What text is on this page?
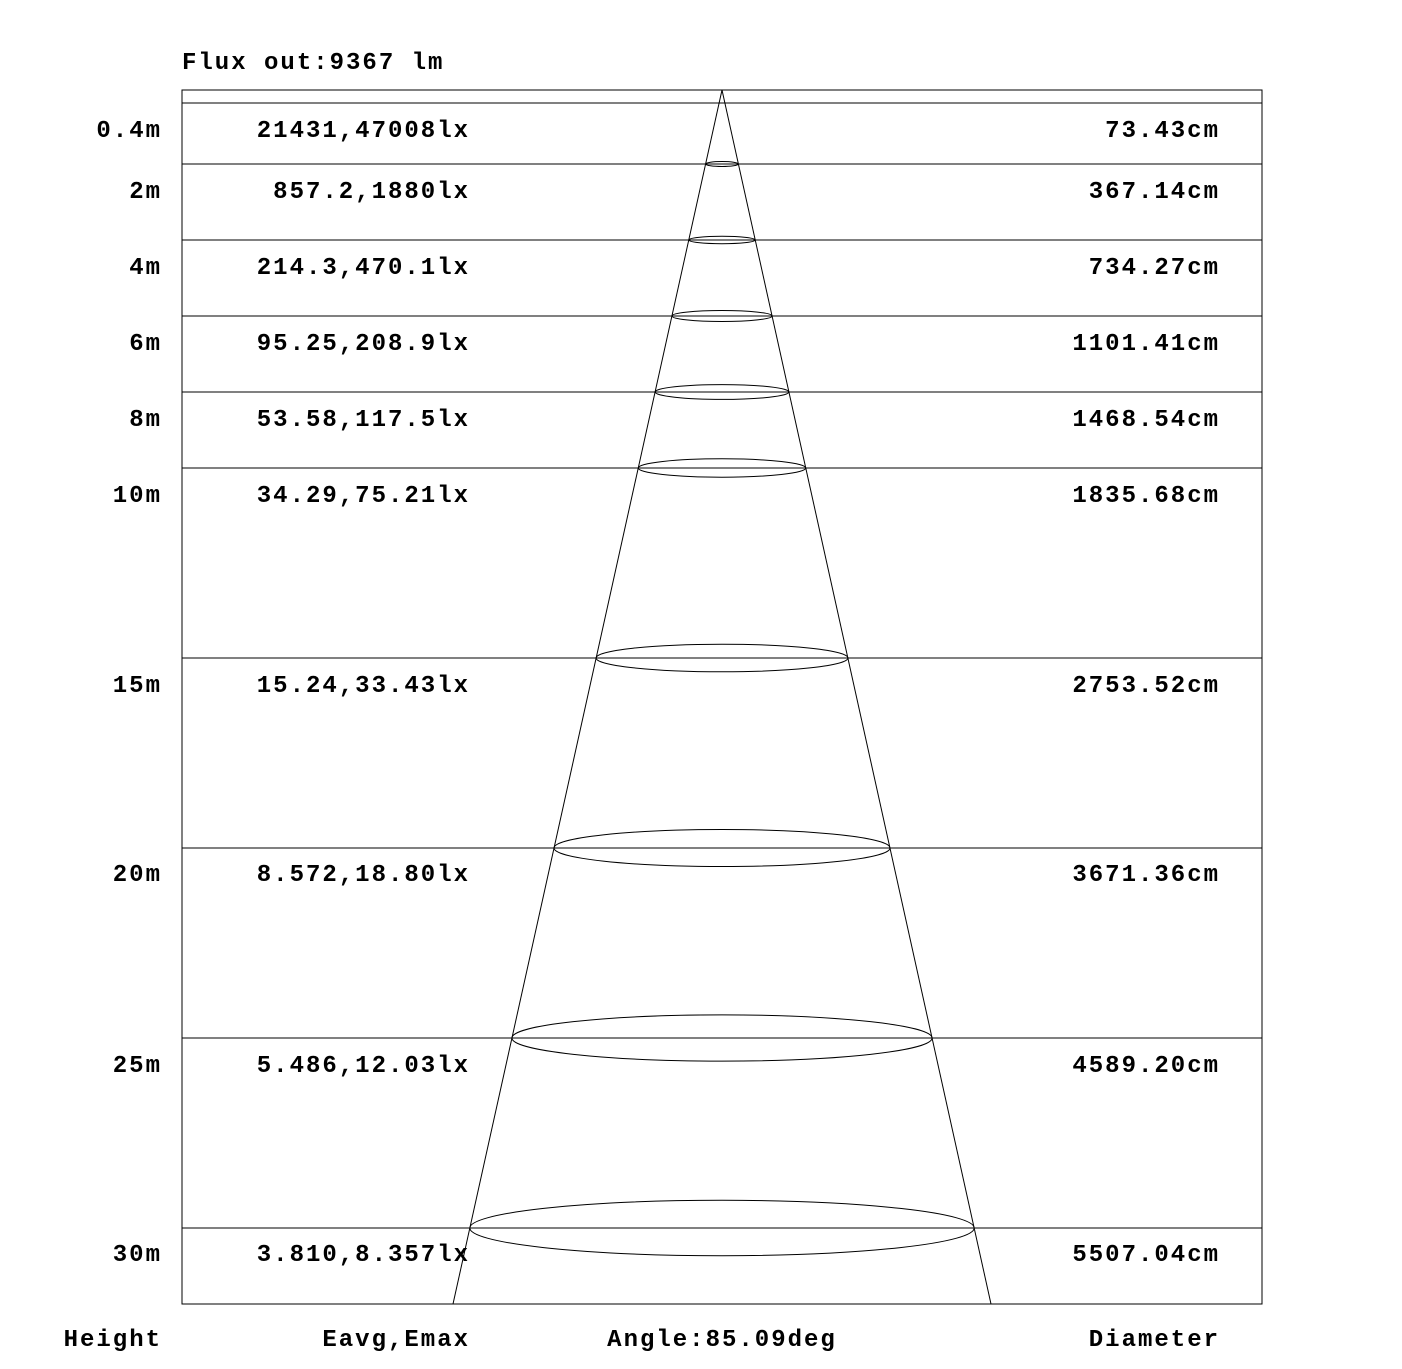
Flux out:9367 lm
0.4m	21431,47008lx	73.43cm
2m	857.2,1880lx	367.14cm
4m	214.3,470.1lx	734.27cm
6m	95.25,208.9lx	1101.41cm
8m	53.58,117.5lx	1468.54cm
10m	34.29,75.21lx	1835.68cm
15m	15.24,33.43lx	2753.52cm
20m	8.572,18.80lx	3671.36cm
25m	5.486,12.03lx	4589.20cm
30m	3.810,8.357lx	5507.04cm
Height	Eavg,Emax	Angle:85.09deg	Diameter
